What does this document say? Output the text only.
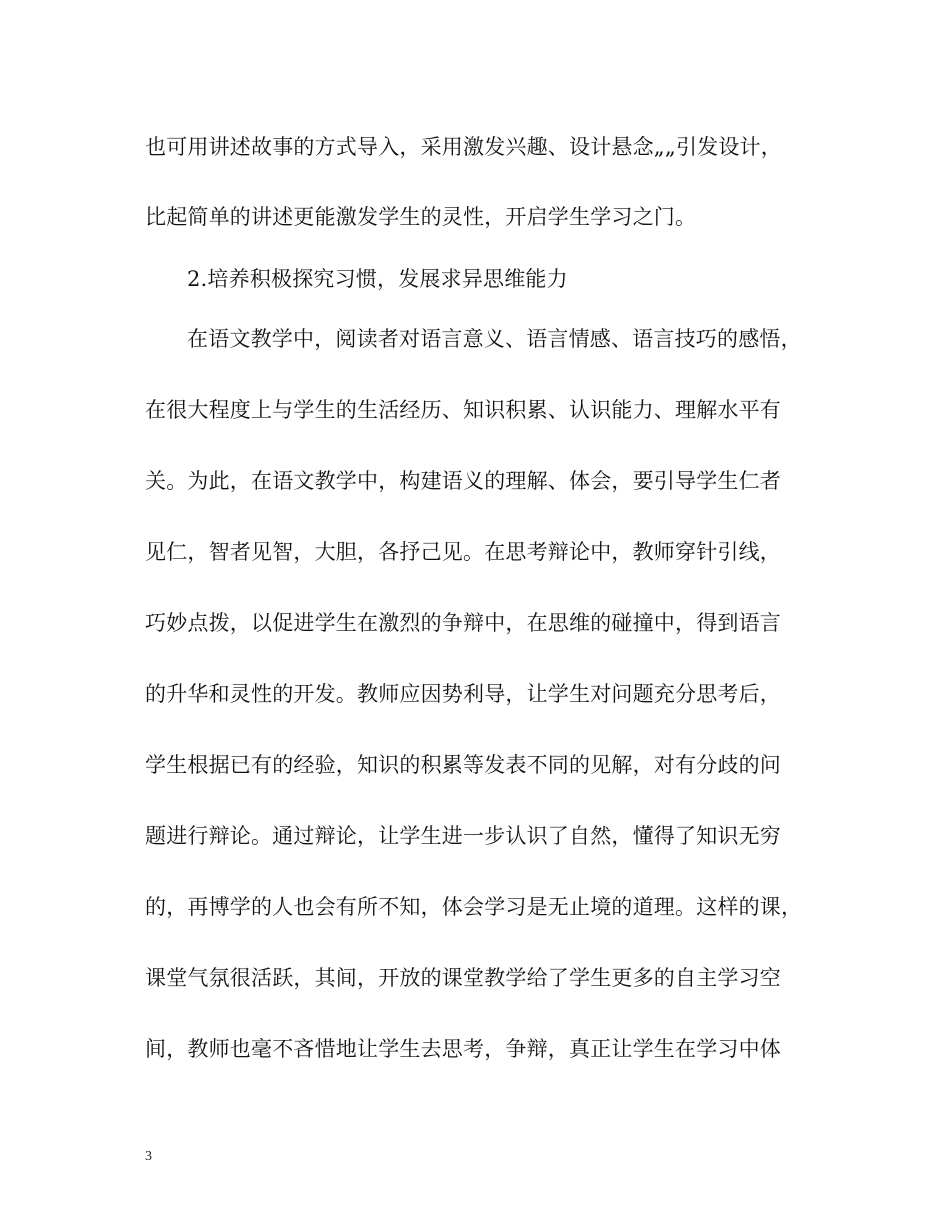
也可用讲述故事的方式导入，采用激发兴趣、设计悬念„„引发设计，
比起简单的讲述更能激发学生的灵性，开启学生学习之门。
2.培养积极探究习惯，发展求异思维能力
在语文教学中，阅读者对语言意义、语言情感、语言技巧的感悟，
在很大程度上与学生的生活经历、知识积累、认识能力、理解水平有
关。为此，在语文教学中，构建语义的理解、体会，要引导学生仁者
见仁，智者见智，大胆，各抒己见。在思考辩论中，教师穿针引线，
巧妙点拨，以促进学生在激烈的争辩中，在思维的碰撞中，得到语言
的升华和灵性的开发。教师应因势利导，让学生对问题充分思考后，
学生根据已有的经验，知识的积累等发表不同的见解，对有分歧的问
题进行辩论。通过辩论，让学生进一步认识了自然，懂得了知识无穷
的，再博学的人也会有所不知，体会学习是无止境的道理。这样的课，
课堂气氛很活跃，其间，开放的课堂教学给了学生更多的自主学习空
间，教师也毫不吝惜地让学生去思考，争辩，真正让学生在学习中体
3
